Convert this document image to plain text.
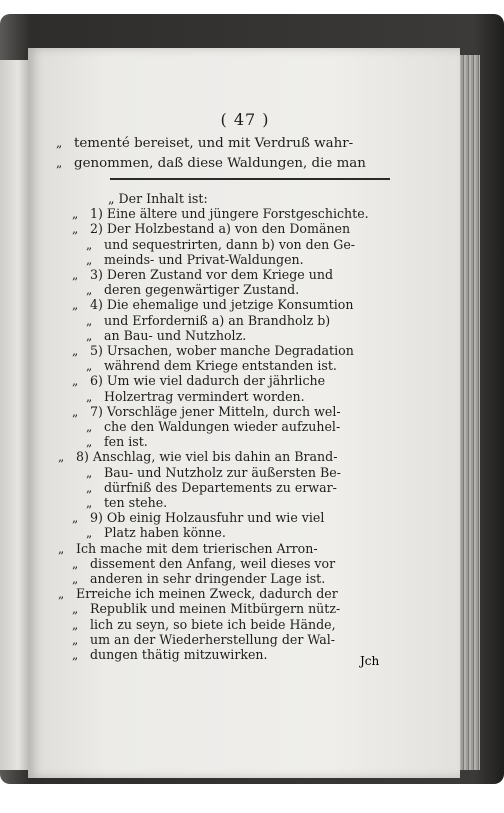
( 47 )
„ tementé bereiset, und mit Verdruß wahr-
„ genommen, daß diese Waldungen, die man
„ Der Inhalt ist:
„ 1) Eine ältere und jüngere Forstgeschichte.
„ 2) Der Holzbestand a) von den Domänen
„ und sequestrirten, dann b) von den Ge-
„ meinds- und Privat-Waldungen.
„ 3) Deren Zustand vor dem Kriege und
„ deren gegenwärtiger Zustand.
„ 4) Die ehemalige und jetzige Konsumtion
„ und Erforderniß a) an Brandholz b)
„ an Bau- und Nutzholz.
„ 5) Ursachen, wober manche Degradation
„ während dem Kriege entstanden ist.
„ 6) Um wie viel dadurch der jährliche
„ Holzertrag vermindert worden.
„ 7) Vorschläge jener Mitteln, durch wel-
„ che den Waldungen wieder aufzuhel-
„ fen ist.
„ 8) Anschlag, wie viel bis dahin an Brand-
„ Bau- und Nutzholz zur äußersten Be-
„ dürfniß des Departements zu erwar-
„ ten stehe.
„ 9) Ob einig Holzausfuhr und wie viel
„ Platz haben könne.
„ Ich mache mit dem trierischen Arron-
„ dissement den Anfang, weil dieses vor
„ anderen in sehr dringender Lage ist.
„ Erreiche ich meinen Zweck, dadurch der
„ Republik und meinen Mitbürgern nütz-
„ lich zu seyn, so biete ich beide Hände,
„ um an der Wiederherstellung der Wal-
„ dungen thätig mitzuwirken.	Jch
